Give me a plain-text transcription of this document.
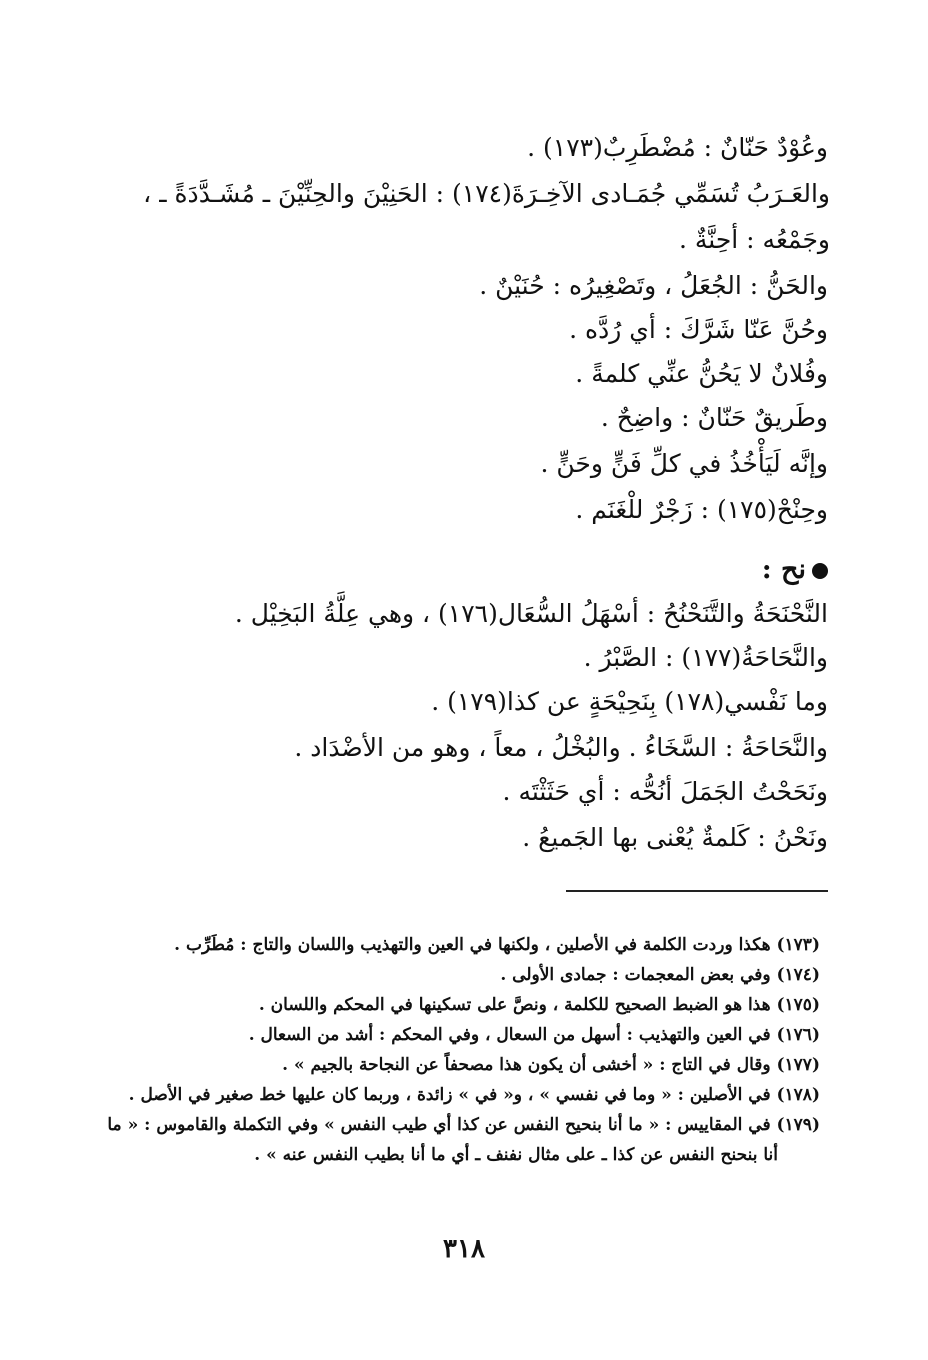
وعُوْدٌ حَنّانٌ : مُضْطَرِبٌ(١٧٣) .
والعَـرَبُ تُسَمِّي جُمَـادى الآخِـرَةَ(١٧٤) : الحَنِيْنَ والحِنِّيْنَ ـ مُشَـدَّدَةً ـ ،
وجَمْعُه : أحِنَّةٌ .
والحَنُّ : الجُعَلُ ، وتَصْغِيرُه : حُنَيْنٌ .
وحُنَّ عَنّا شَرَّكَ : أي رُدَّه .
وفُلانٌ لا يَحُنُّ عنِّي كلمةً .
وطَريقٌ حَنّانٌ : واضِحٌ .
وإنَّه لَيَأْخُذُ في كلِّ فَنٍّ وحَنٍّ .
وحِنْحْ(١٧٥) : زَجْرٌ للْغَنَم .
نح :
النَّحْنَحَةُ والتَّنَحْنُحُ : أسْهَلُ السُّعَال(١٧٦) ، وهي عِلَّةُ البَخِيْل .
والنَّحَاحَةُ(١٧٧) : الصَّبْرُ .
وما نَفْسي(١٧٨) بِنَحِيْحَةٍ عن كذا(١٧٩) .
والنَّحَاحَةُ : السَّخَاءُ . والبُخْلُ ، معاً ، وهو من الأضْدَاد .
ونَحَحْتُ الجَمَلَ أنُحُّه : أي حَثَثْتَه .
ونَحْنُ : كَلمةٌ يُعْنى بها الجَميعُ .
(١٧٣) هكذا وردت الكلمة في الأصلين ، ولكنها في العين والتهذيب واللسان والتاج : مُطَرِّب .
(١٧٤) وفي بعض المعجمات : جمادى الأولى .
(١٧٥) هذا هو الضبط الصحيح للكلمة ، ونصَّ على تسكينها في المحكم واللسان .
(١٧٦) في العين والتهذيب : أسهل من السعال ، وفي المحكم : أشد من السعال .
(١٧٧) وقال في التاج : « أخشى أن يكون هذا مصحفاً عن النجاحة بالجيم » .
(١٧٨) في الأصلين : « وما في نفسي » ، و« في » زائدة ، وربما كان عليها خط صغير في الأصل .
(١٧٩) في المقاييس : « ما أنا بنحيح النفس عن كذا أي طيب النفس » وفي التكملة والقاموس : « ما
أنا بنحنح النفس عن كذا ـ على مثال نفنف ـ أي ما أنا بطيب النفس عنه » .
٣١٨
